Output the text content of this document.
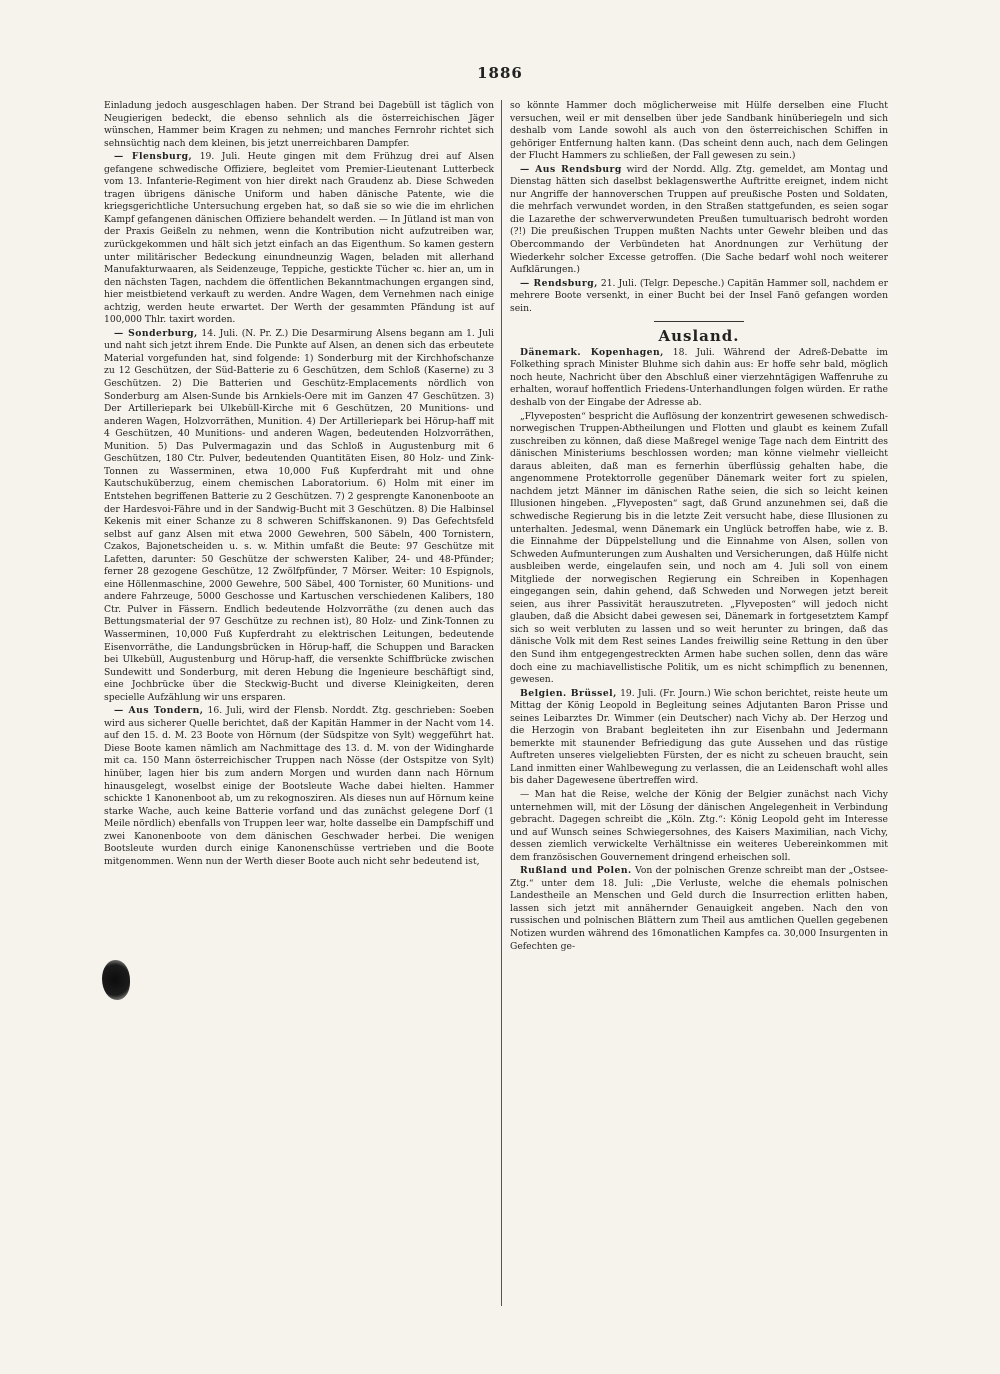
1886

Einladung jedoch ausgeschlagen haben. Der Strand bei Dagebüll ist täglich von Neugierigen bedeckt, die ebenso sehnlich als die österreichischen Jäger wünschen, Hammer beim Kragen zu nehmen; und manches Fernrohr richtet sich sehnsüchtig nach dem kleinen, bis jetzt unerreichbaren Dampfer.

— Flensburg, 19. Juli. Heute gingen mit dem Frühzug drei auf Alsen gefangene schwedische Offiziere, begleitet vom Premier-Lieutenant Lutterbeck vom 13. Infanterie-Regiment von hier direkt nach Graudenz ab. Diese Schweden tragen übrigens dänische Uniform und haben dänische Patente, wie die kriegsgerichtliche Untersuchung ergeben hat, so daß sie so wie die im ehrlichen Kampf gefangenen dänischen Offiziere behandelt werden. — In Jütland ist man von der Praxis Geißeln zu nehmen, wenn die Kontribution nicht aufzutreiben war, zurückgekommen und hält sich jetzt einfach an das Eigenthum. So kamen gestern unter militärischer Bedeckung einundneunzig Wagen, beladen mit allerhand Manufakturwaaren, als Seidenzeuge, Teppiche, gestickte Tücher ꝛc. hier an, um in den nächsten Tagen, nachdem die öffentlichen Bekanntmachungen ergangen sind, hier meistbietend verkauft zu werden. Andre Wagen, dem Vernehmen nach einige achtzig, werden heute erwartet. Der Werth der gesammten Pfändung ist auf 100,000 Thlr. taxirt worden.

— Sonderburg, 14. Juli. (N. Pr. Z.) Die Desarmirung Alsens begann am 1. Juli und naht sich jetzt ihrem Ende. Die Punkte auf Alsen, an denen sich das erbeutete Material vorgefunden hat, sind folgende: 1) Sonderburg mit der Kirchhofschanze zu 12 Geschützen, der Süd-Batterie zu 6 Geschützen, dem Schloß (Kaserne) zu 3 Geschützen. 2) Die Batterien und Geschütz-Emplacements nördlich von Sonderburg am Alsen-Sunde bis Arnkiels-Oere mit im Ganzen 47 Geschützen. 3) Der Artilleriepark bei Ulkebüll-Kirche mit 6 Geschützen, 20 Munitions- und anderen Wagen, Holzvorräthen, Munition. 4) Der Artilleriepark bei Hörup-haff mit 4 Geschützen, 40 Munitions- und anderen Wagen, bedeutenden Holzvorräthen, Munition. 5) Das Pulvermagazin und das Schloß in Augustenburg mit 6 Geschützen, 180 Ctr. Pulver, bedeutenden Quantitäten Eisen, 80 Holz- und Zink-Tonnen zu Wasserminen, etwa 10,000 Fuß Kupferdraht mit und ohne Kautschuküberzug, einem chemischen Laboratorium. 6) Holm mit einer im Entstehen begriffenen Batterie zu 2 Geschützen. 7) 2 gesprengte Kanonenboote an der Hardesvoi-Fähre und in der Sandwig-Bucht mit 3 Geschützen. 8) Die Halbinsel Kekenis mit einer Schanze zu 8 schweren Schiffskanonen. 9) Das Gefechtsfeld selbst auf ganz Alsen mit etwa 2000 Gewehren, 500 Säbeln, 400 Tornistern, Czakos, Bajonetscheiden u. s. w. Mithin umfaßt die Beute: 97 Geschütze mit Lafetten, darunter: 50 Geschütze der schwersten Kaliber, 24- und 48-Pfünder; ferner 28 gezogene Geschütze, 12 Zwölfpfünder, 7 Mörser. Weiter: 10 Espignols, eine Höllenmaschine, 2000 Gewehre, 500 Säbel, 400 Tornister, 60 Munitions- und andere Fahrzeuge, 5000 Geschosse und Kartuschen verschiedenen Kalibers, 180 Ctr. Pulver in Fässern. Endlich bedeutende Holzvorräthe (zu denen auch das Bettungsmaterial der 97 Geschütze zu rechnen ist), 80 Holz- und Zink-Tonnen zu Wasserminen, 10,000 Fuß Kupferdraht zu elektrischen Leitungen, bedeutende Eisenvorräthe, die Landungsbrücken in Hörup-haff, die Schuppen und Baracken bei Ulkebüll, Augustenburg und Hörup-haff, die versenkte Schiffbrücke zwischen Sundewitt und Sonderburg, mit deren Hebung die Ingenieure beschäftigt sind, eine Jochbrücke über die Steckwig-Bucht und diverse Kleinigkeiten, deren specielle Aufzählung wir uns ersparen.

— Aus Tondern, 16. Juli, wird der Flensb. Norddt. Ztg. geschrieben: Soeben wird aus sicherer Quelle berichtet, daß der Kapitän Hammer in der Nacht vom 14. auf den 15. d. M. 23 Boote von Hörnum (der Südspitze von Sylt) weggeführt hat. Diese Boote kamen nämlich am Nachmittage des 13. d. M. von der Widingharde mit ca. 150 Mann österreichischer Truppen nach Nösse (der Ostspitze von Sylt) hinüber, lagen hier bis zum andern Morgen und wurden dann nach Hörnum hinausgelegt, woselbst einige der Bootsleute Wache dabei hielten. Hammer schickte 1 Kanonenboot ab, um zu rekognosziren. Als dieses nun auf Hörnum keine starke Wache, auch keine Batterie vorfand und das zunächst gelegene Dorf (1 Meile nördlich) ebenfalls von Truppen leer war, holte dasselbe ein Dampfschiff und zwei Kanonenboote von dem dänischen Geschwader herbei. Die wenigen Bootsleute wurden durch einige Kanonenschüsse vertrieben und die Boote mitgenommen. Wenn nun der Werth dieser Boote auch nicht sehr bedeutend ist,

so könnte Hammer doch möglicherweise mit Hülfe derselben eine Flucht versuchen, weil er mit denselben über jede Sandbank hinüberiegeln und sich deshalb vom Lande sowohl als auch von den österreichischen Schiffen in gehöriger Entfernung halten kann. (Das scheint denn auch, nach dem Gelingen der Flucht Hammers zu schließen, der Fall gewesen zu sein.)

— Aus Rendsburg wird der Nordd. Allg. Ztg. gemeldet, am Montag und Dienstag hätten sich daselbst beklagenswerthe Auftritte ereignet, indem nicht nur Angriffe der hannoverschen Truppen auf preußische Posten und Soldaten, die mehrfach verwundet worden, in den Straßen stattgefunden, es seien sogar die Lazarethe der schwerverwundeten Preußen tumultuarisch bedroht worden (?!) Die preußischen Truppen mußten Nachts unter Gewehr bleiben und das Obercommando der Verbündeten hat Anordnungen zur Verhütung der Wiederkehr solcher Excesse getroffen. (Die Sache bedarf wohl noch weiterer Aufklärungen.)

— Rendsburg, 21. Juli. (Telgr. Depesche.) Capitän Hammer soll, nachdem er mehrere Boote versenkt, in einer Bucht bei der Insel Fanö gefangen worden sein.

Ausland.

Dänemark. Kopenhagen, 18. Juli. Während der Adreß-Debatte im Folkething sprach Minister Bluhme sich dahin aus: Er hoffe sehr bald, möglich noch heute, Nachricht über den Abschluß einer vierzehntägigen Waffenruhe zu erhalten, worauf hoffentlich Friedens-Unterhandlungen folgen würden. Er rathe deshalb von der Eingabe der Adresse ab.

„Flyveposten“ bespricht die Auflösung der konzentrirt gewesenen schwedisch-norwegischen Truppen-Abtheilungen und Flotten und glaubt es keinem Zufall zuschreiben zu können, daß diese Maßregel wenige Tage nach dem Eintritt des dänischen Ministeriums beschlossen worden; man könne vielmehr vielleicht daraus ableiten, daß man es fernerhin überflüssig gehalten habe, die angenommene Protektorrolle gegenüber Dänemark weiter fort zu spielen, nachdem jetzt Männer im dänischen Rathe seien, die sich so leicht keinen Illusionen hingeben. „Flyveposten“ sagt, daß Grund anzunehmen sei, daß die schwedische Regierung bis in die letzte Zeit versucht habe, diese Illusionen zu unterhalten. Jedesmal, wenn Dänemark ein Unglück betroffen habe, wie z. B. die Einnahme der Düppelstellung und die Einnahme von Alsen, sollen von Schweden Aufmunterungen zum Aushalten und Versicherungen, daß Hülfe nicht ausbleiben werde, eingelaufen sein, und noch am 4. Juli soll von einem Mitgliede der norwegischen Regierung ein Schreiben in Kopenhagen eingegangen sein, dahin gehend, daß Schweden und Norwegen jetzt bereit seien, aus ihrer Passivität herauszutreten. „Flyveposten“ will jedoch nicht glauben, daß die Absicht dabei gewesen sei, Dänemark in fortgesetztem Kampf sich so weit verbluten zu lassen und so weit herunter zu bringen, daß das dänische Volk mit dem Rest seines Landes freiwillig seine Rettung in den über den Sund ihm entgegengestreckten Armen habe suchen sollen, denn das wäre doch eine zu machiavellistische Politik, um es nicht schimpflich zu benennen, gewesen.

Belgien. Brüssel, 19. Juli. (Fr. Journ.) Wie schon berichtet, reiste heute um Mittag der König Leopold in Begleitung seines Adjutanten Baron Prisse und seines Leibarztes Dr. Wimmer (ein Deutscher) nach Vichy ab. Der Herzog und die Herzogin von Brabant begleiteten ihn zur Eisenbahn und Jedermann bemerkte mit staunender Befriedigung das gute Aussehen und das rüstige Auftreten unseres vielgeliebten Fürsten, der es nicht zu scheuen braucht, sein Land inmitten einer Wahlbewegung zu verlassen, die an Leidenschaft wohl alles bis daher Dagewesene übertreffen wird.

— Man hat die Reise, welche der König der Belgier zunächst nach Vichy unternehmen will, mit der Lösung der dänischen Angelegenheit in Verbindung gebracht. Dagegen schreibt die „Köln. Ztg.“: König Leopold geht im Interesse und auf Wunsch seines Schwiegersohnes, des Kaisers Maximilian, nach Vichy, dessen ziemlich verwickelte Verhältnisse ein weiteres Uebereinkommen mit dem französischen Gouvernement dringend erheischen soll.

Rußland und Polen. Von der polnischen Grenze schreibt man der „Ostsee-Ztg.“ unter dem 18. Juli: „Die Verluste, welche die ehemals polnischen Landestheile an Menschen und Geld durch die Insurrection erlitten haben, lassen sich jetzt mit annähernder Genauigkeit angeben. Nach den von russischen und polnischen Blättern zum Theil aus amtlichen Quellen gegebenen Notizen wurden während des 16monatlichen Kampfes ca. 30,000 Insurgenten in Gefechten ge-
